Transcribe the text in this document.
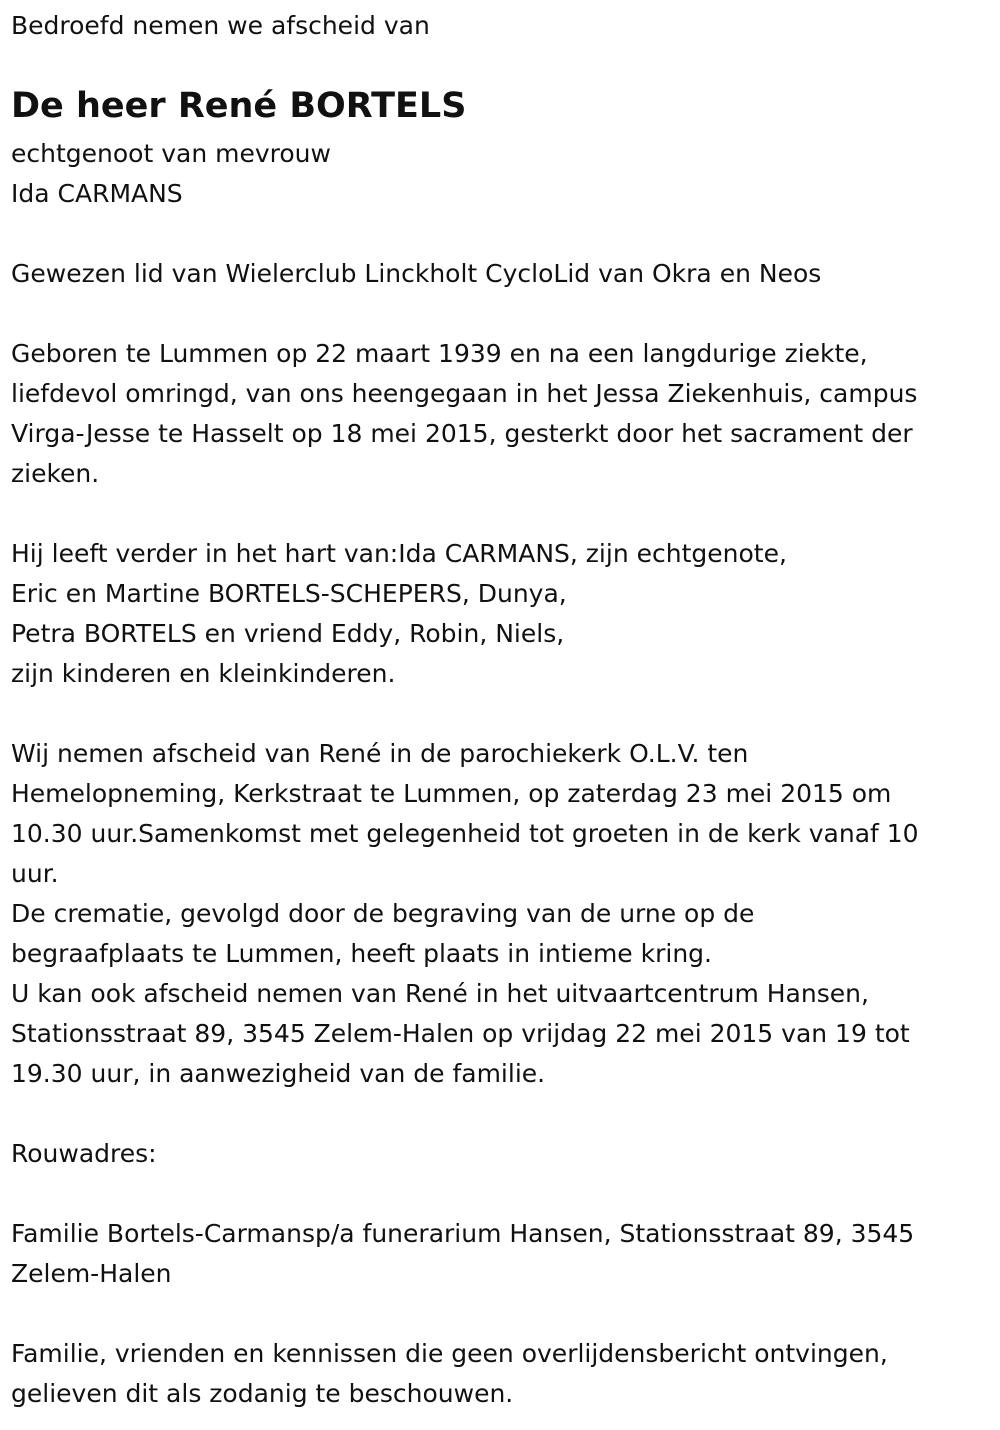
Bedroefd nemen we afscheid van

De heer René BORTELS

echtgenoot van mevrouw

Ida CARMANS

Gewezen lid van Wielerclub Linckholt CycloLid van Okra en Neos

Geboren te Lummen op 22 maart 1939 en na een langdurige ziekte,

liefdevol omringd, van ons heengegaan in het Jessa Ziekenhuis, campus

Virga-Jesse te Hasselt op 18 mei 2015, gesterkt door het sacrament der

zieken.

Hij leeft verder in het hart van:Ida CARMANS, zijn echtgenote,

Eric en Martine BORTELS-SCHEPERS, Dunya,

Petra BORTELS en vriend Eddy, Robin, Niels,

zijn kinderen en kleinkinderen.

Wij nemen afscheid van René in de parochiekerk O.L.V. ten

Hemelopneming, Kerkstraat te Lummen, op zaterdag 23 mei 2015 om

10.30 uur.Samenkomst met gelegenheid tot groeten in de kerk vanaf 10

uur.

De crematie, gevolgd door de begraving van de urne op de

begraafplaats te Lummen, heeft plaats in intieme kring.

U kan ook afscheid nemen van René in het uitvaartcentrum Hansen,

Stationsstraat 89, 3545 Zelem-Halen op vrijdag 22 mei 2015 van 19 tot

19.30 uur, in aanwezigheid van de familie.

Rouwadres:

Familie Bortels-Carmansp/a funerarium Hansen, Stationsstraat 89, 3545

Zelem-Halen

Familie, vrienden en kennissen die geen overlijdensbericht ontvingen,

gelieven dit als zodanig te beschouwen.
